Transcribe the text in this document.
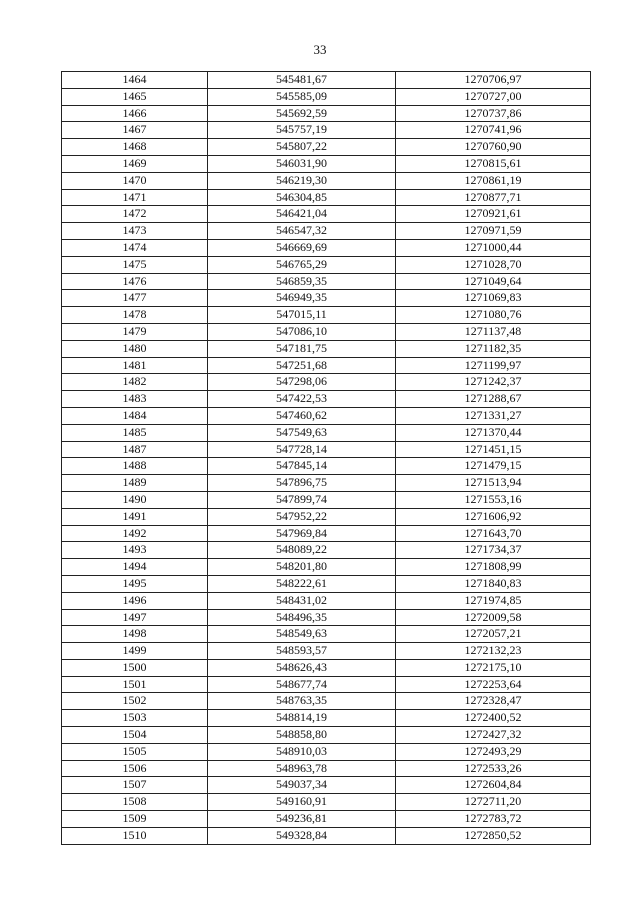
33
1464	545481,67	1270706,97
1465	545585,09	1270727,00
1466	545692,59	1270737,86
1467	545757,19	1270741,96
1468	545807,22	1270760,90
1469	546031,90	1270815,61
1470	546219,30	1270861,19
1471	546304,85	1270877,71
1472	546421,04	1270921,61
1473	546547,32	1270971,59
1474	546669,69	1271000,44
1475	546765,29	1271028,70
1476	546859,35	1271049,64
1477	546949,35	1271069,83
1478	547015,11	1271080,76
1479	547086,10	1271137,48
1480	547181,75	1271182,35
1481	547251,68	1271199,97
1482	547298,06	1271242,37
1483	547422,53	1271288,67
1484	547460,62	1271331,27
1485	547549,63	1271370,44
1487	547728,14	1271451,15
1488	547845,14	1271479,15
1489	547896,75	1271513,94
1490	547899,74	1271553,16
1491	547952,22	1271606,92
1492	547969,84	1271643,70
1493	548089,22	1271734,37
1494	548201,80	1271808,99
1495	548222,61	1271840,83
1496	548431,02	1271974,85
1497	548496,35	1272009,58
1498	548549,63	1272057,21
1499	548593,57	1272132,23
1500	548626,43	1272175,10
1501	548677,74	1272253,64
1502	548763,35	1272328,47
1503	548814,19	1272400,52
1504	548858,80	1272427,32
1505	548910,03	1272493,29
1506	548963,78	1272533,26
1507	549037,34	1272604,84
1508	549160,91	1272711,20
1509	549236,81	1272783,72
1510	549328,84	1272850,52
